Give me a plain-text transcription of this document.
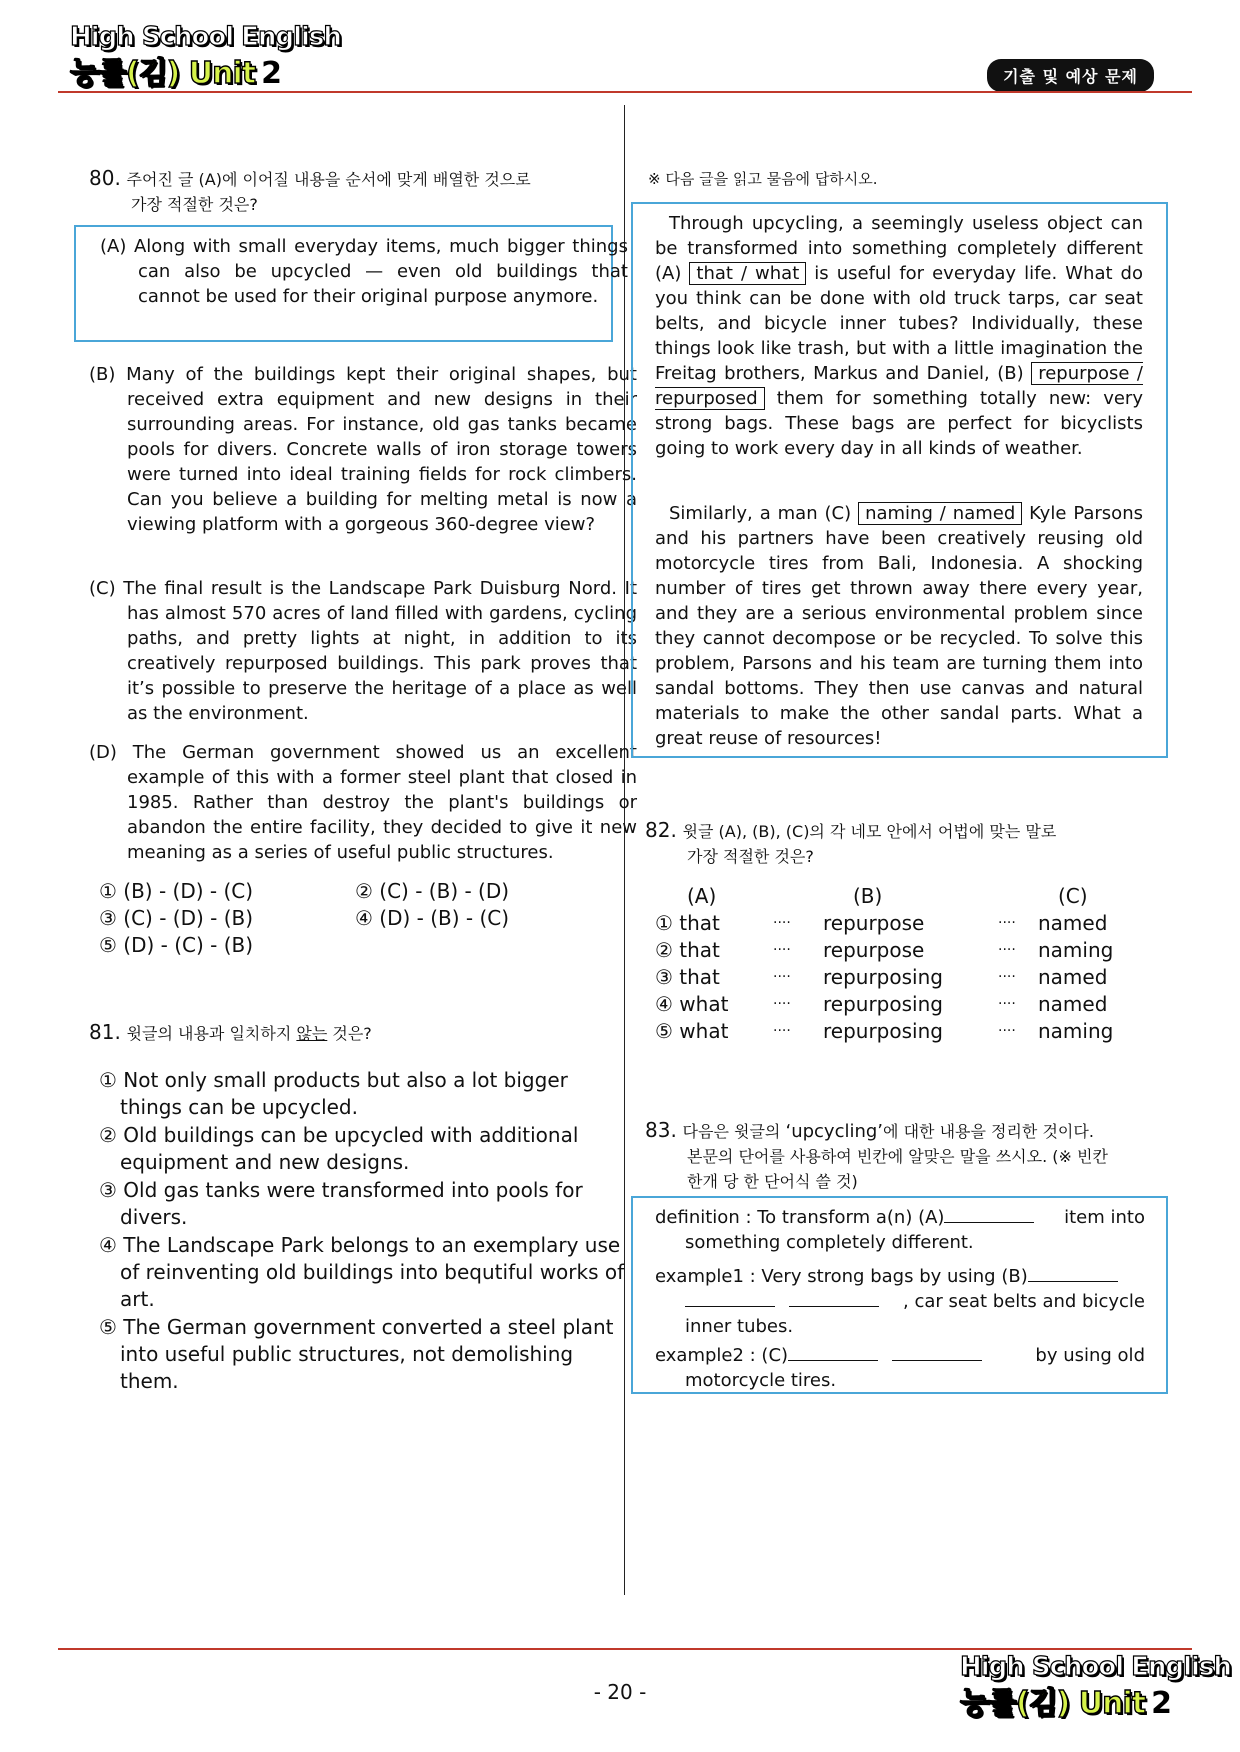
High School English
능률(김) Unit 2	기출 및 예상 문제
80. 주어진 글 (A)에 이어질 내용을 순서에 맞게 배열한 것으로
가장 적절한 것은?
(A) Along with small everyday items, much bigger things can also be upcycled — even old buildings that cannot be used for their original purpose anymore.
(B) Many of the buildings kept their original shapes, but received extra equipment and new designs in their surrounding areas. For instance, old gas tanks became pools for divers. Concrete walls of iron storage towers were turned into ideal training fields for rock climbers. Can you believe a building for melting metal is now a viewing platform with a gorgeous 360-degree view?
(C) The final result is the Landscape Park Duisburg Nord. It has almost 570 acres of land filled with gardens, cycling paths, and pretty lights at night, in addition to its creatively repurposed buildings. This park proves that it’s possible to preserve the heritage of a place as well as the environment.
(D) The German government showed us an excellent example of this with a former steel plant that closed in 1985. Rather than destroy the plant's buildings or abandon the entire facility, they decided to give it new meaning as a series of useful public structures.
① (B) - (D) - (C)	② (C) - (B) - (D)
③ (C) - (D) - (B)	④ (D) - (B) - (C)
⑤ (D) - (C) - (B)
81. 윗글의 내용과 일치하지 않는 것은?
① Not only small products but also a lot bigger things can be upcycled.
② Old buildings can be upcycled with additional equipment and new designs.
③ Old gas tanks were transformed into pools for divers.
④ The Landscape Park belongs to an exemplary use of reinventing old buildings into bequtiful works of art.
⑤ The German government converted a steel plant into useful public structures, not demolishing them.
※ 다음 글을 읽고 물음에 답하시오.
Through upcycling, a seemingly useless object can be transformed into something completely different (A) that / what is useful for everyday life. What do you think can be done with old truck tarps, car seat belts, and bicycle inner tubes? Individually, these things look like trash, but with a little imagination the Freitag brothers, Markus and Daniel, (B) repurpose / repurposed them for something totally new: very strong bags. These bags are perfect for bicyclists going to work every day in all kinds of weather.
Similarly, a man (C) naming / named Kyle Parsons and his partners have been creatively reusing old motorcycle tires from Bali, Indonesia. A shocking number of tires get thrown away there every year, and they are a serious environmental problem since they cannot decompose or be recycled. To solve this problem, Parsons and his team are turning them into sandal bottoms. They then use canvas and natural materials to make the other sandal parts. What a great reuse of resources!
82. 윗글 (A), (B), (C)의 각 네모 안에서 어법에 맞는 말로
가장 적절한 것은?
(A)		(B)		(C)
① that	····	repurpose	····	named
② that	····	repurpose	····	naming
③ that	····	repurposing	····	named
④ what	····	repurposing	····	named
⑤ what	····	repurposing	····	naming
83. 다음은 윗글의 ‘upcycling’에 대한 내용을 정리한 것이다.
본문의 단어를 사용하여 빈칸에 알맞은 말을 쓰시오. (※ 빈칸
한개 당 한 단어식 쓸 것)
definition : To transform a(n) (A)	item into
something completely different.
example1 : Very strong bags by using (B)

, car seat belts and bicycle
inner tubes.
example2 : (C)	by using old
motorcycle tires.
- 20 -
High School English
능률(김) Unit 2
